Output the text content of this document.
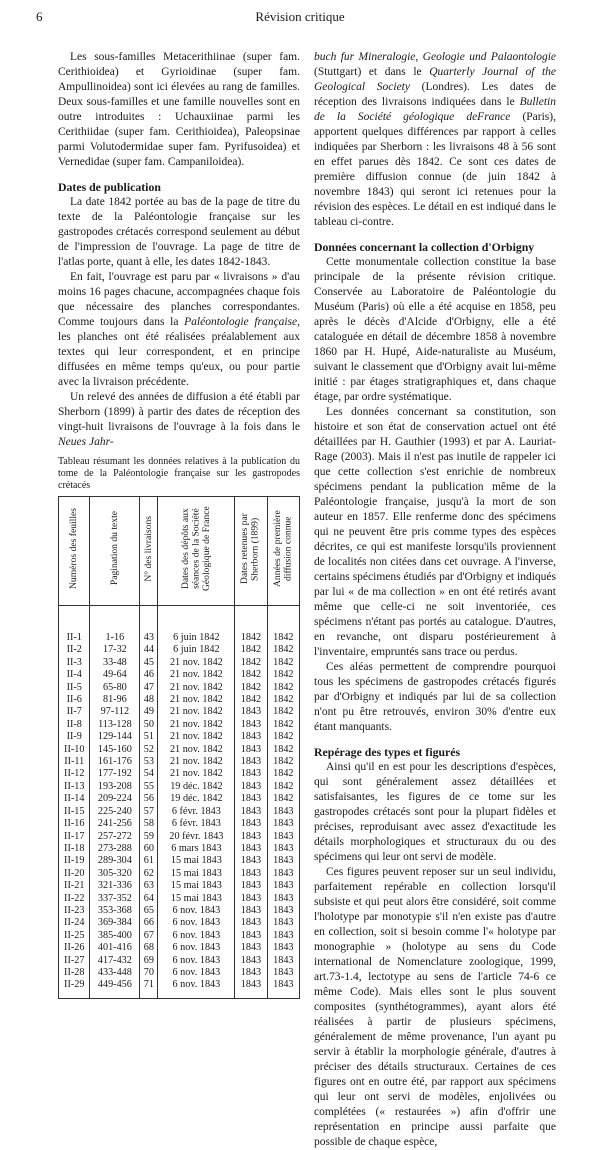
6	Révision critique

Les sous-familles Metacerithiinae (super fam. Cerithioidea) et Gyrioidinae (super fam. Ampullinoidea) sont ici élevées au rang de familles. Deux sous-familles et une famille nouvelles sont en outre introduites : Uchauxiinae parmi les Cerithiidae (super fam. Cerithioidea), Paleopsinae parmi Volutodermidae super fam. Pyrifusoidea) et Vernedidae (super fam. Campaniloidea).

Dates de publication

La date 1842 portée au bas de la page de titre du texte de la Paléontologie française sur les gastropodes crétacés correspond seulement au début de l'impression de l'ouvrage. La page de titre de l'atlas porte, quant à elle, les dates 1842-1843.

En fait, l'ouvrage est paru par « livraisons » d'au moins 16 pages chacune, accompagnées chaque fois que nécessaire des planches correspondantes. Comme toujours dans la Paléontologie française, les planches ont été réalisées préalablement aux textes qui leur correspondent, et en principe diffusées en même temps qu'eux, ou pour partie avec la livraison précédente.

Un relevé des années de diffusion a été établi par Sherborn (1899) à partir des dates de réception des vingt-huit livraisons de l'ouvrage à la fois dans le Neues Jahr-

Tableau résumant les données relatives à la publication du tome de la Paléontologie française sur les gastropodes crétacés

Numéros des feuilles	Pagination du texte	N° des livraisons	Dates des dépôts aux séances de la Société Géologique de France	Dates retenues par Sherborn (1899)	Années de première diffusion connue
II-1	1-16	43	6 juin 1842	1842	1842
II-2	17-32	44	6 juin 1842	1842	1842
II-3	33-48	45	21 nov. 1842	1842	1842
II-4	49-64	46	21 nov. 1842	1842	1842
II-5	65-80	47	21 nov. 1842	1842	1842
II-6	81-96	48	21 nov. 1842	1842	1842
II-7	97-112	49	21 nov. 1842	1843	1842
II-8	113-128	50	21 nov. 1842	1843	1842
II-9	129-144	51	21 nov. 1842	1843	1842
II-10	145-160	52	21 nov. 1842	1843	1842
II-11	161-176	53	21 nov. 1842	1843	1842
II-12	177-192	54	21 nov. 1842	1843	1842
II-13	193-208	55	19 déc. 1842	1843	1842
II-14	209-224	56	19 déc. 1842	1843	1842
II-15	225-240	57	6 févr. 1843	1843	1843
II-16	241-256	58	6 févr. 1843	1843	1843
II-17	257-272	59	20 févr. 1843	1843	1843
II-18	273-288	60	6 mars 1843	1843	1843
II-19	289-304	61	15 mai 1843	1843	1843
II-20	305-320	62	15 mai 1843	1843	1843
II-21	321-336	63	15 mai 1843	1843	1843
II-22	337-352	64	15 mai 1843	1843	1843
II-23	353-368	65	6 nov. 1843	1843	1843
II-24	369-384	66	6 nov. 1843	1843	1843
II-25	385-400	67	6 nov. 1843	1843	1843
II-26	401-416	68	6 nov. 1843	1843	1843
II-27	417-432	69	6 nov. 1843	1843	1843
II-28	433-448	70	6 nov. 1843	1843	1843
II-29	449-456	71	6 nov. 1843	1843	1843

buch fur Mineralogie, Geologie und Palaontologie (Stuttgart) et dans le Quarterly Journal of the Geological Society (Londres). Les dates de réception des livraisons indiquées dans le Bulletin de la Société géologique deFrance (Paris), apportent quelques différences par rapport à celles indiquées par Sherborn : les livraisons 48 à 56 sont en effet parues dès 1842. Ce sont ces dates de première diffusion connue (de juin 1842 à novembre 1843) qui seront ici retenues pour la révision des espèces. Le détail en est indiqué dans le tableau ci-contre.

Données concernant la collection d'Orbigny

Cette monumentale collection constitue la base principale de la présente révision critique. Conservée au Laboratoire de Paléontologie du Muséum (Paris) où elle a été acquise en 1858, peu après le décès d'Alcide d'Orbigny, elle a été cataloguée en détail de décembre 1858 à novembre 1860 par H. Hupé, Aide-naturaliste au Muséum, suivant le classement que d'Orbigny avait lui-même initié : par étages stratigraphiques et, dans chaque étage, par ordre systématique.

Les données concernant sa constitution, son histoire et son état de conservation actuel ont été détaillées par H. Gauthier (1993) et par A. Lauriat-Rage (2003). Mais il n'est pas inutile de rappeler ici que cette collection s'est enrichie de nombreux spécimens pendant la publication même de la Paléontologie française, jusqu'à la mort de son auteur en 1857. Elle renferme donc des spécimens qui ne peuvent être pris comme types des espèces décrites, ce qui est manifeste lorsqu'ils proviennent de localités non citées dans cet ouvrage. A l'inverse, certains spécimens étudiés par d'Orbigny et indiqués par lui « de ma collection » en ont été retirés avant même que celle-ci ne soit inventoriée, ces spécimens n'étant pas portés au catalogue. D'autres, en revanche, ont disparu postérieurement à l'inventaire, empruntés sans trace ou perdus.

Ces aléas permettent de comprendre pourquoi tous les spécimens de gastropodes crétacés figurés par d'Orbigny et indiqués par lui de sa collection n'ont pu être retrouvés, environ 30% d'entre eux étant manquants.

Repérage des types et figurés

Ainsi qu'il en est pour les descriptions d'espèces, qui sont généralement assez détaillées et satisfaisantes, les figures de ce tome sur les gastropodes crétacés sont pour la plupart fidèles et précises, reproduisant avec assez d'exactitude les détails morphologiques et structuraux du ou des spécimens qui leur ont servi de modèle.

Ces figures peuvent reposer sur un seul individu, parfaitement repérable en collection lorsqu'il subsiste et qui peut alors être considéré, soit comme l'holotype par monotypie s'il n'en existe pas d'autre en collection, soit si besoin comme l'« holotype par monographie » (holotype au sens du Code international de Nomenclature zoologique, 1999, art.73-1.4, lectotype au sens de l'article 74-6 ce même Code). Mais elles sont le plus souvent composites (synthétogrammes), ayant alors été réalisées à partir de plusieurs spécimens, généralement de même provenance, l'un ayant pu servir à établir la morphologie générale, d'autres à préciser des détails structuraux. Certaines de ces figures ont en outre été, par rapport aux spécimens qui leur ont servi de modèles, enjolivées ou complétées (« restaurées ») afin d'offrir une représentation en principe aussi parfaite que possible de chaque espèce,
